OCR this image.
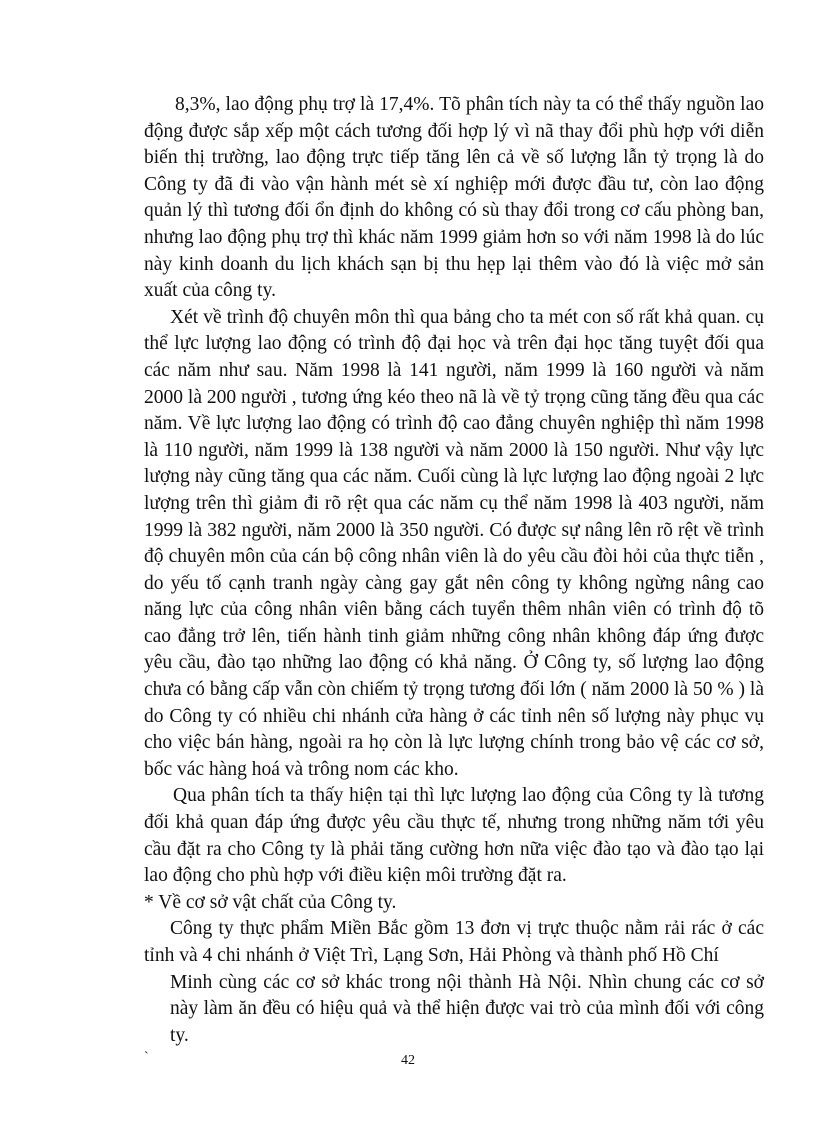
8,3%, lao động phụ trợ là 17,4%. Tõ phân tích này ta có thể thấy nguồn lao động được sắp xếp một cách tương đối hợp lý vì nã thay đổi phù hợp với diễn biến thị trường, lao động trực tiếp tăng lên cả về số lượng lẫn tỷ trọng là do Công ty đã đi vào vận hành mét sè xí nghiệp mới được đầu tư, còn lao động quản lý thì tương đối ổn định do không có sù thay đổi trong cơ cấu phòng ban, nhưng lao động phụ trợ thì khác năm 1999 giảm hơn so với năm 1998 là do lúc này kinh doanh du lịch khách sạn bị thu hẹp lại thêm vào đó là việc mở sản xuất của công ty.

Xét về trình độ chuyên môn thì qua bảng cho ta mét con số rất khả quan. cụ thể lực lượng lao động có trình độ đại học và trên đại học tăng tuyệt đối qua các năm như sau. Năm 1998 là 141 người, năm 1999 là 160 người và năm 2000 là 200 người , tương ứng kéo theo nã là về tỷ trọng cũng tăng đều qua các năm. Về lực lượng lao động có trình độ cao đẳng chuyên nghiệp thì năm 1998 là 110 người, năm 1999 là 138 người và năm 2000 là 150 người. Như vậy lực lượng này cũng tăng qua các năm. Cuối cùng là lực lượng lao động ngoài 2 lực lượng trên thì giảm đi rõ rệt qua các năm cụ thể năm 1998 là 403 người, năm 1999 là 382 người, năm 2000 là 350 người. Có được sự nâng lên rõ rệt về trình độ chuyên môn của cán bộ công nhân viên là do yêu cầu đòi hỏi của thực tiễn , do yếu tố cạnh tranh ngày càng gay gắt nên công ty không ngừng nâng cao năng lực của công nhân viên bằng cách tuyển thêm nhân viên có trình độ tõ cao đẳng trở lên, tiến hành tinh giảm những công nhân không đáp ứng được yêu cầu, đào tạo những lao động có khả năng. Ở Công ty, số lượng lao động chưa có bằng cấp vẫn còn chiếm tỷ trọng tương đối lớn ( năm 2000 là 50 % ) là do Công ty có nhiều chi nhánh cửa hàng ở các tỉnh nên số lượng này phục vụ cho việc bán hàng, ngoài ra họ còn là lực lượng chính trong bảo vệ các cơ sở, bốc vác hàng hoá và trông nom các kho.

Qua phân tích ta thấy hiện tại thì lực lượng lao động của Công ty là tương đối khả quan đáp ứng được yêu cầu thực tế, nhưng trong những năm tới yêu cầu đặt ra cho Công ty là phải tăng cường hơn nữa việc đào tạo và đào tạo lại lao động cho phù hợp với điều kiện môi trường đặt ra.

* Về cơ sở vật chất của Công ty.

Công ty thực phẩm Miền Bắc gồm 13 đơn vị trực thuộc nằm rải rác ở các tỉnh và 4 chi nhánh ở Việt Trì, Lạng Sơn, Hải Phòng và thành phố Hồ Chí
Minh cùng các cơ sở khác trong nội thành Hà Nội. Nhìn chung các cơ sở này làm ăn đều có hiệu quả và thể hiện được vai trò của mình đối với công ty.

`	42
